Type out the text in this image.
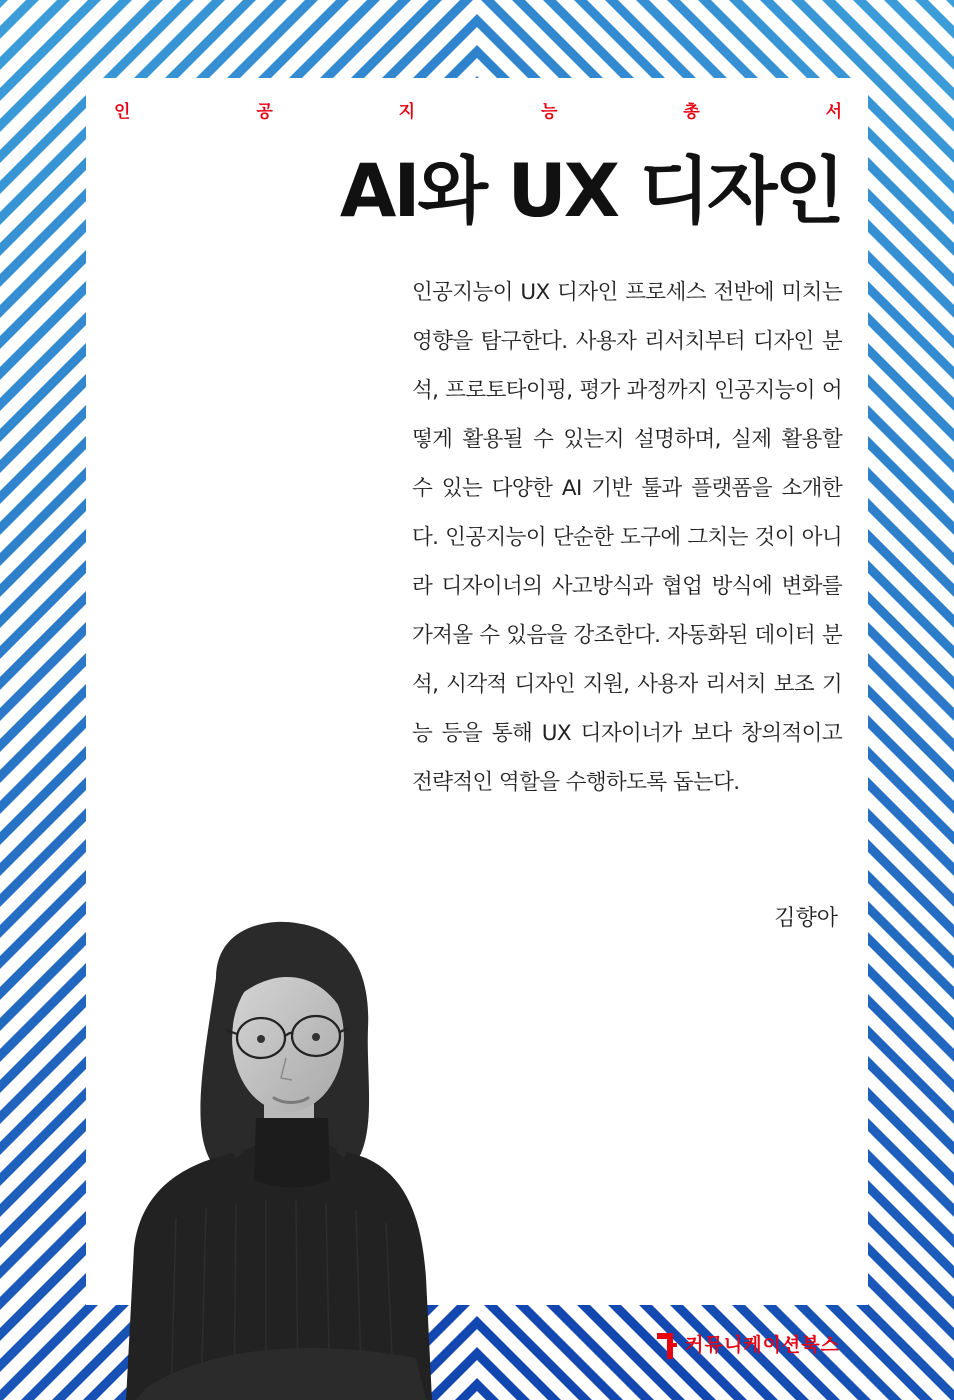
인	공	지	능	총	서
AI와 UX 디자인

인공지능이 UX 디자인 프로세스 전반에 미치는 영향을 탐구한다. 사용자 리서치부터 디자인 분석, 프로토타이핑, 평가 과정까지 인공지능이 어떻게 활용될 수 있는지 설명하며, 실제 활용할 수 있는 다양한 AI 기반 툴과 플랫폼을 소개한다. 인공지능이 단순한 도구에 그치는 것이 아니라 디자이너의 사고방식과 협업 방식에 변화를 가져올 수 있음을 강조한다. 자동화된 데이터 분석, 시각적 디자인 지원, 사용자 리서치 보조 기능 등을 통해 UX 디자이너가 보다 창의적이고 전략적인 역할을 수행하도록 돕는다.

김향아
커뮤니케이션북스
